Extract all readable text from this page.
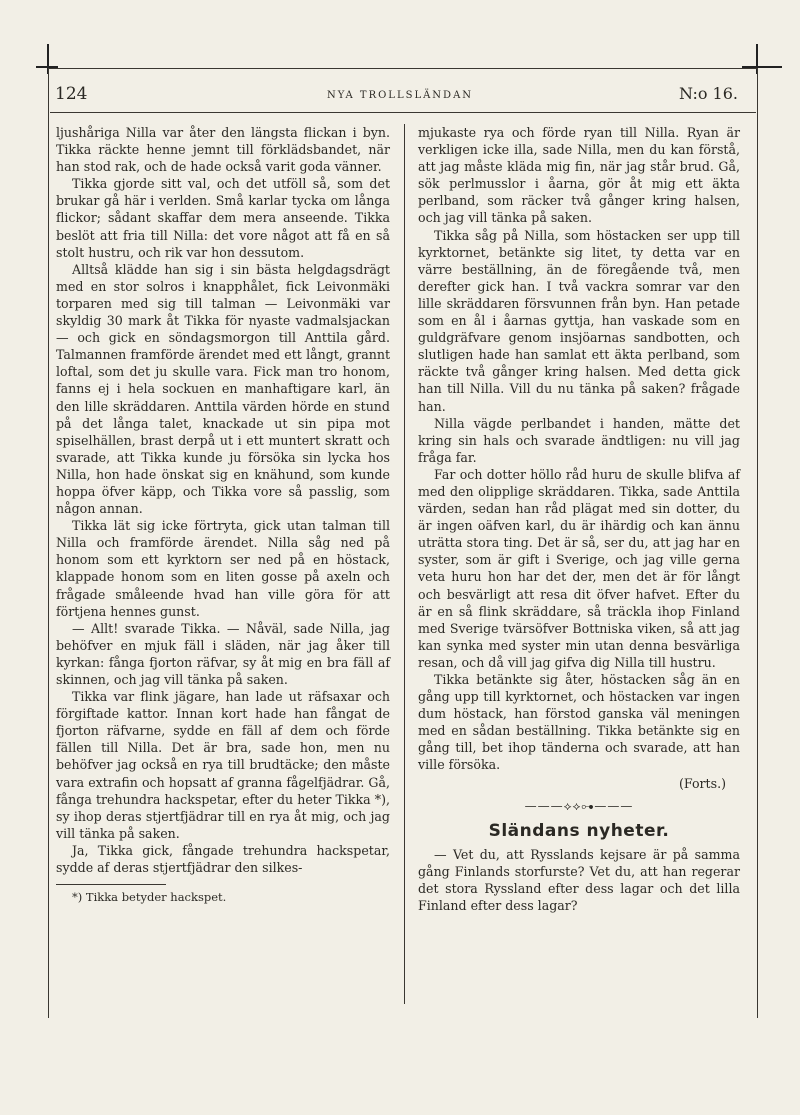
124	NYA TROLLSLÄNDAN	N:o 16.

ljushåriga Nilla var åter den längsta flickan i byn. Tikka räckte henne jemnt till förklädsbandet, när han stod rak, och de hade också varit goda vänner.

Tikka gjorde sitt val, och det utföll så, som det brukar gå här i verlden. Små karlar tycka om långa flickor; sådant skaffar dem mera anseende. Tikka beslöt att fria till Nilla: det vore något att få en så stolt hustru, och rik var hon dessutom.

Alltså klädde han sig i sin bästa helgdagsdrägt med en stor solros i knapphålet, fick Leivonmäki torparen med sig till talman — Leivonmäki var skyldig 30 mark åt Tikka för nyaste vadmalsjackan — och gick en söndagsmorgon till Anttila gård. Talmannen framförde ärendet med ett långt, grannt loftal, som det ju skulle vara. Fick man tro honom, fanns ej i hela sockuen en manhaftigare karl, än den lille skräddaren. Anttila värden hörde en stund på det långa talet, knackade ut sin pipa mot spiselhällen, brast derpå ut i ett muntert skratt och svarade, att Tikka kunde ju försöka sin lycka hos Nilla, hon hade önskat sig en knähund, som kunde hoppa öfver käpp, och Tikka vore så passlig, som någon annan.

Tikka lät sig icke förtryta, gick utan talman till Nilla och framförde ärendet. Nilla såg ned på honom som ett kyrktorn ser ned på en höstack, klappade honom som en liten gosse på axeln och frågade småleende hvad han ville göra för att förtjena hennes gunst.

— Allt! svarade Tikka. — Nåväl, sade Nilla, jag behöfver en mjuk fäll i släden, när jag åker till kyrkan: fånga fjorton räfvar, sy åt mig en bra fäll af skinnen, och jag vill tänka på saken.

Tikka var flink jägare, han lade ut räfsaxar och förgiftade kattor. Innan kort hade han fångat de fjorton räfvarne, sydde en fäll af dem och förde fällen till Nilla. Det är bra, sade hon, men nu behöfver jag också en rya till brudtäcke; den måste vara extrafin och hopsatt af granna fågelfjädrar. Gå, fånga trehundra hackspetar, efter du heter Tikka *), sy ihop deras stjertfjädrar till en rya åt mig, och jag vill tänka på saken.

Ja, Tikka gick, fångade trehundra hackspetar, sydde af deras stjertfjädrar den silkes-

*) Tikka betyder hackspet.

mjukaste rya och förde ryan till Nilla. Ryan är verkligen icke illa, sade Nilla, men du kan förstå, att jag måste kläda mig fin, när jag står brud. Gå, sök perlmusslor i åarna, gör åt mig ett äkta perlband, som räcker två gånger kring halsen, och jag vill tänka på saken.

Tikka såg på Nilla, som höstacken ser upp till kyrktornet, betänkte sig litet, ty detta var en värre beställning, än de föregående två, men derefter gick han. I två vackra somrar var den lille skräddaren försvunnen från byn. Han petade som en ål i åarnas gyttja, han vaskade som en guldgräfvare genom insjöarnas sandbotten, och slutligen hade han samlat ett äkta perlband, som räckte två gånger kring halsen. Med detta gick han till Nilla. Vill du nu tänka på saken? frågade han.

Nilla vägde perlbandet i handen, mätte det kring sin hals och svarade ändtligen: nu vill jag fråga far.

Far och dotter höllo råd huru de skulle blifva af med den olipplige skräddaren. Tikka, sade Anttila värden, sedan han råd plägat med sin dotter, du är ingen oäfven karl, du är ihärdig och kan ännu uträtta stora ting. Det är så, ser du, att jag har en syster, som är gift i Sverige, och jag ville gerna veta huru hon har det der, men det är för långt och besvärligt att resa dit öfver hafvet. Efter du är en så flink skräddare, så träckla ihop Finland med Sverige tvärsöfver Bottniska viken, så att jag kan synka med syster min utan denna besvärliga resan, och då vill jag gifva dig Nilla till hustru.

Tikka betänkte sig åter, höstacken såg än en gång upp till kyrktornet, och höstacken var ingen dum höstack, han förstod ganska väl meningen med en sådan beställning. Tikka betänkte sig en gång till, bet ihop tänderna och svarade, att han ville försöka.

(Forts.)
———⟡⟡⊶———
Sländans nyheter.

— Vet du, att Rysslands kejsare är på samma gång Finlands storfurste? Vet du, att han regerar det stora Ryssland efter dess lagar och det lilla Finland efter dess lagar?
